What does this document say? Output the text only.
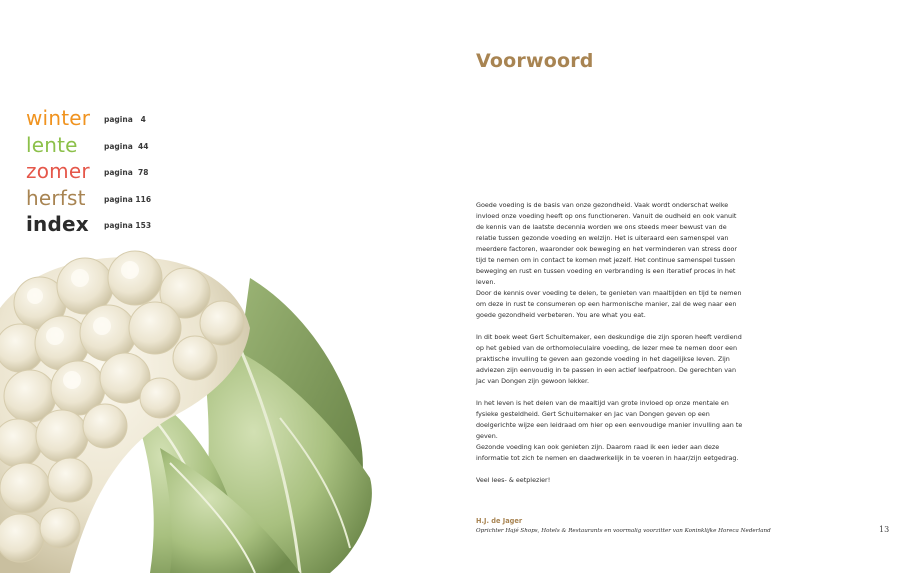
winter pagina   4
lente	pagina  44
zomer pagina  78
herfst pagina 116
index pagina 153
Voorwoord

Goede voeding is de basis van onze gezondheid. Vaak wordt onderschat welke invloed onze voeding heeft op ons functioneren. Vanuit de oudheid en ook vanuit de kennis van de laatste decennia worden we ons steeds meer bewust van de relatie tussen gezonde voeding en welzijn. Het is uiteraard een samenspel van meerdere factoren, waaronder ook beweging en het verminderen van stress door tijd te nemen om in contact te komen met jezelf. Het continue samenspel tussen beweging en rust en tussen voeding en verbranding is een iteratief proces in het leven.

Door de kennis over voeding te delen, te genieten van maaltijden en tijd te nemen om deze in rust te consumeren op een harmonische manier, zal de weg naar een goede gezondheid verbeteren. You are what you eat.

In dit boek weet Gert Schuitemaker, een deskundige die zijn sporen heeft verdiend op het gebied van de orthomoleculaire voeding, de lezer mee te nemen door een praktische invulling te geven aan gezonde voeding in het dagelijkse leven. Zijn adviezen zijn eenvoudig in te passen in een actief leefpatroon. De gerechten van Jac van Dongen zijn gewoon lekker.

In het leven is het delen van de maaltijd van grote invloed op onze mentale en fysieke gesteldheid. Gert Schuitemaker en Jac van Dongen geven op een doelgerichte wijze een leidraad om hier op een eenvoudige manier invulling aan te geven.

Gezonde voeding kan ook genieten zijn. Daarom raad ik een ieder aan deze informatie tot zich te nemen en daadwerkelijk in te voeren in haar/zijn eetgedrag.

Veel lees- & eetplezier!

H.J. de Jager
Oprichter Hajé Shops, Hotels & Restaurants en voormalig voorzitter van Koninklijke Horeca Nederland	13
